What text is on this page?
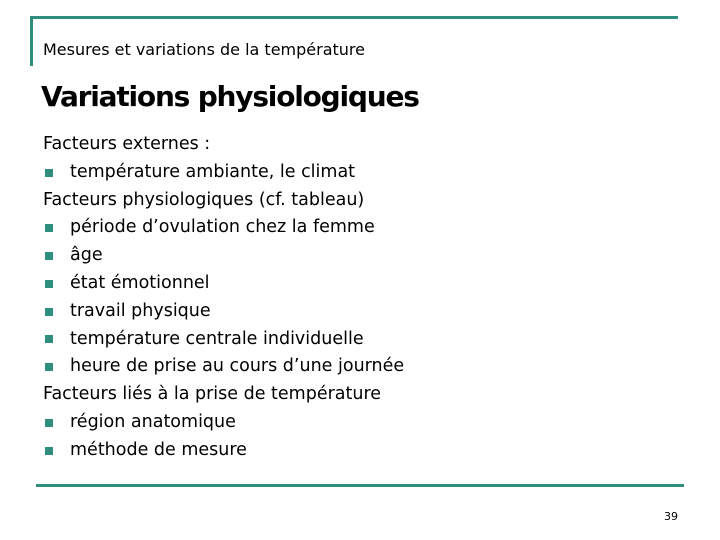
Mesures et variations de la température
Variations physiologiques
Facteurs externes :
température ambiante, le climat
Facteurs physiologiques (cf. tableau)
période d’ovulation chez la femme
âge
état émotionnel
travail physique
température centrale individuelle
heure de prise au cours d’une journée
Facteurs liés à la prise de température
région anatomique
méthode de mesure
39
